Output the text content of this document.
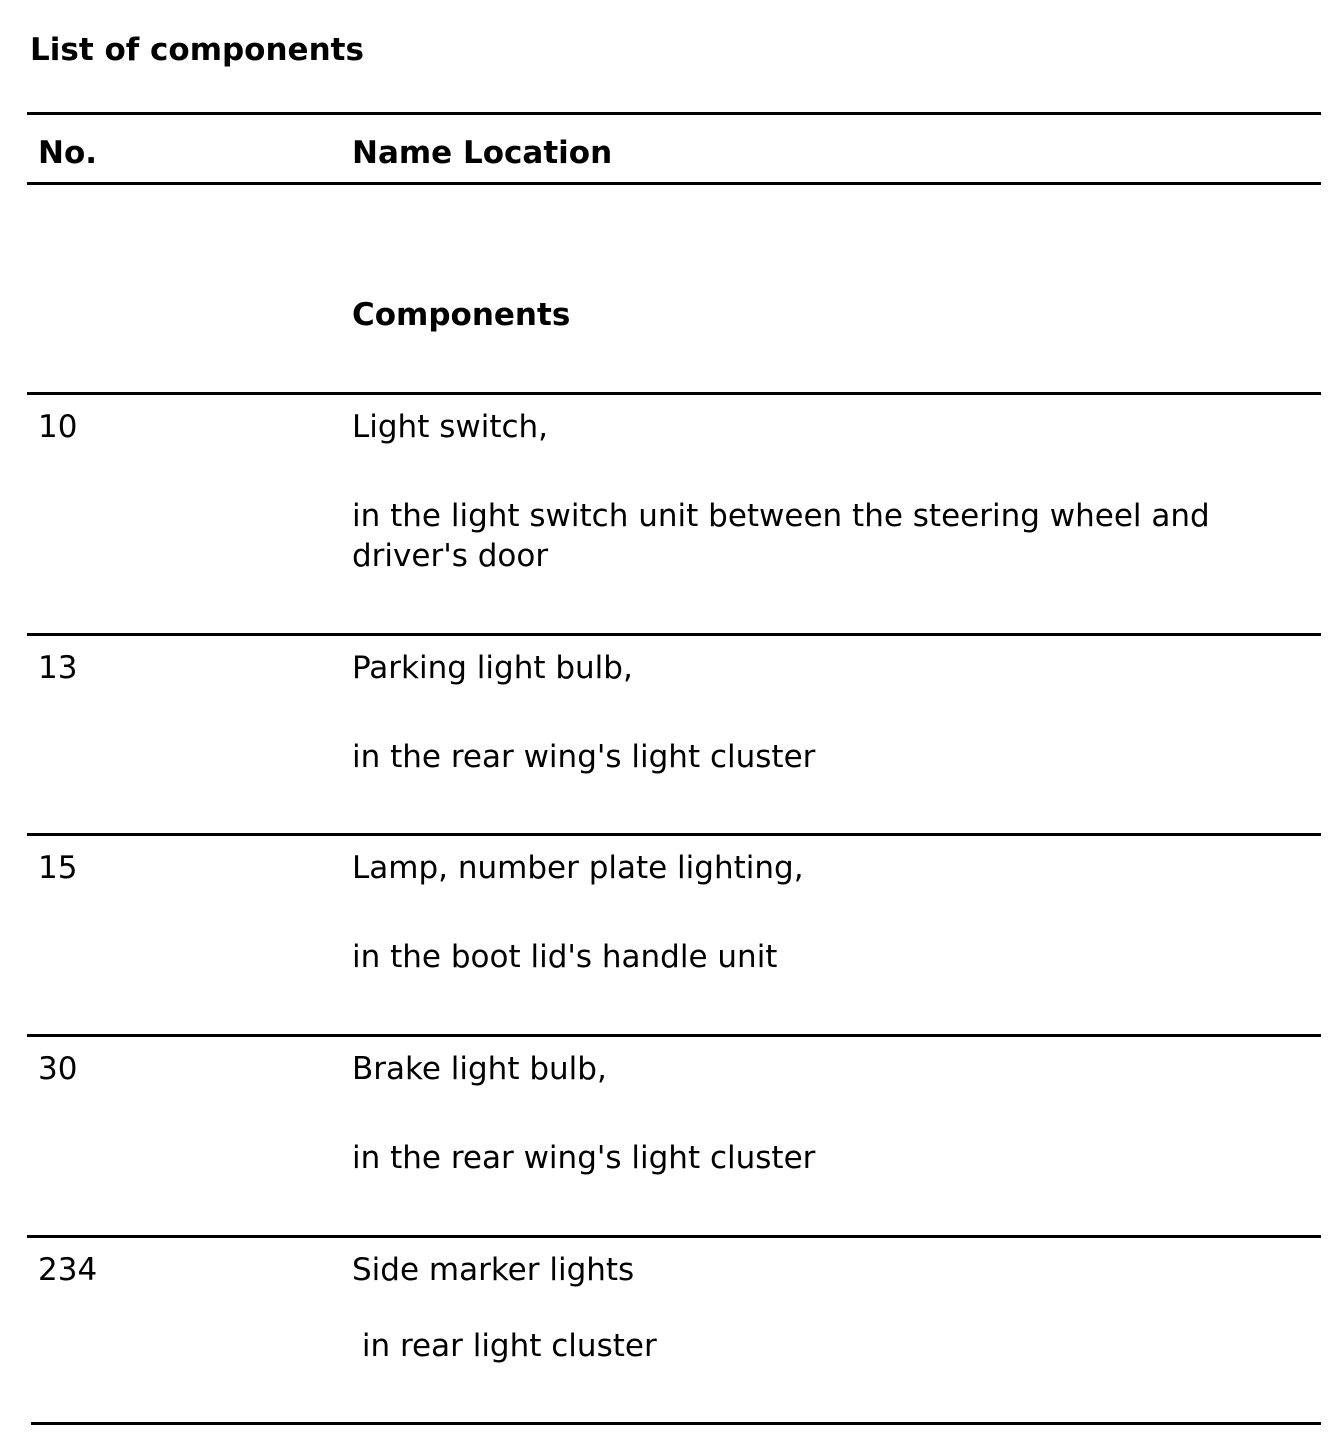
List of components
No.	Name Location
Components
10	Light switch,
in the light switch unit between the steering wheel and driver's door
13	Parking light bulb,
in the rear wing's light cluster
15	Lamp, number plate lighting,
in the boot lid's handle unit
30	Brake light bulb,
in the rear wing's light cluster
234	Side marker lights
in rear light cluster
